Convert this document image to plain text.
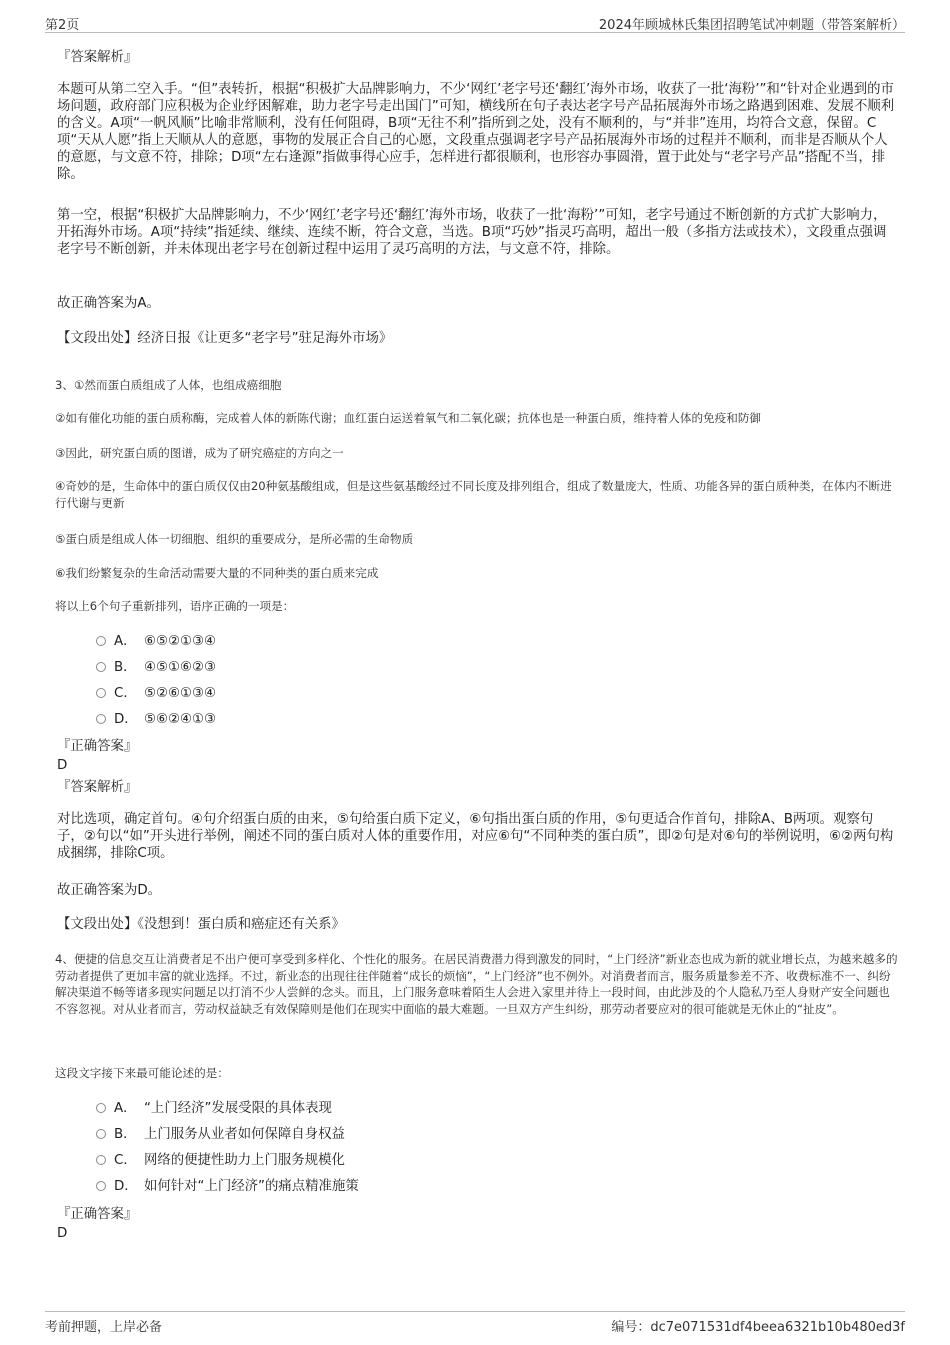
第2页	2024年顾城林氏集团招聘笔试冲刺题（带答案解析）

『答案解析』

本题可从第二空入手。“但”表转折，根据“积极扩大品牌影响力，不少‘网红’老字号还‘翻红’海外市场，收获了一批‘海粉’”和“针对企业遇到的市场问题，政府部门应积极为企业纾困解难，助力老字号走出国门”可知，横线所在句子表达老字号产品拓展海外市场之路遇到困难、发展不顺利的含义。A项“一帆风顺”比喻非常顺利，没有任何阻碍，B项“无往不利”指所到之处，没有不顺利的，与“并非”连用，均符合文意，保留。C项“天从人愿”指上天顺从人的意愿，事物的发展正合自己的心愿，文段重点强调老字号产品拓展海外市场的过程并不顺利，而非是否顺从个人的意愿，与文意不符，排除；D项“左右逢源”指做事得心应手，怎样进行都很顺利，也形容办事圆滑，置于此处与“老字号产品”搭配不当，排除。

第一空，根据“积极扩大品牌影响力，不少‘网红’老字号还‘翻红’海外市场，收获了一批‘海粉’”可知，老字号通过不断创新的方式扩大影响力，开拓海外市场。A项“持续”指延续、继续、连续不断，符合文意，当选。B项“巧妙”指灵巧高明，超出一般（多指方法或技术），文段重点强调老字号不断创新，并未体现出老字号在创新过程中运用了灵巧高明的方法，与文意不符，排除。

故正确答案为A。

【文段出处】经济日报《让更多“老字号”驻足海外市场》

3、①然而蛋白质组成了人体，也组成癌细胞

②如有催化功能的蛋白质称酶，完成着人体的新陈代谢；血红蛋白运送着氧气和二氧化碳；抗体也是一种蛋白质，维持着人体的免疫和防御

③因此，研究蛋白质的图谱，成为了研究癌症的方向之一

④奇妙的是，生命体中的蛋白质仅仅由20种氨基酸组成，但是这些氨基酸经过不同长度及排列组合，组成了数量庞大，性质、功能各异的蛋白质种类，在体内不断进行代谢与更新

⑤蛋白质是组成人体一切细胞、组织的重要成分，是所必需的生命物质

⑥我们纷繁复杂的生命活动需要大量的不同种类的蛋白质来完成

将以上6个句子重新排列，语序正确的一项是：

A． ⑥⑤②①③④
B． ④⑤①⑥②③
C． ⑤②⑥①③④
D． ⑤⑥②④①③

『正确答案』

D

『答案解析』

对比选项，确定首句。④句介绍蛋白质的由来，⑤句给蛋白质下定义，⑥句指出蛋白质的作用，⑤句更适合作首句，排除A、B两项。观察句子，②句以“如”开头进行举例，阐述不同的蛋白质对人体的重要作用，对应⑥句“不同种类的蛋白质”，即②句是对⑥句的举例说明，⑥②两句构成捆绑，排除C项。

故正确答案为D。

【文段出处】《没想到！蛋白质和癌症还有关系》

4、便捷的信息交互让消费者足不出户便可享受到多样化、个性化的服务。在居民消费潜力得到激发的同时，“上门经济”新业态也成为新的就业增长点，为越来越多的劳动者提供了更加丰富的就业选择。不过，新业态的出现往往伴随着“成长的烦恼”，“上门经济”也不例外。对消费者而言，服务质量参差不齐、收费标准不一、纠纷解决渠道不畅等诸多现实问题足以打消不少人尝鲜的念头。而且，上门服务意味着陌生人会进入家里并待上一段时间，由此涉及的个人隐私乃至人身财产安全问题也不容忽视。对从业者而言，劳动权益缺乏有效保障则是他们在现实中面临的最大难题。一旦双方产生纠纷，那劳动者要应对的很可能就是无休止的“扯皮”。

这段文字接下来最可能论述的是：

A． “上门经济”发展受限的具体表现
B． 上门服务从业者如何保障自身权益
C． 网络的便捷性助力上门服务规模化
D． 如何针对“上门经济”的痛点精准施策

『正确答案』

D

考前押题，上岸必备	编号：dc7e071531df4beea6321b10b480ed3f
